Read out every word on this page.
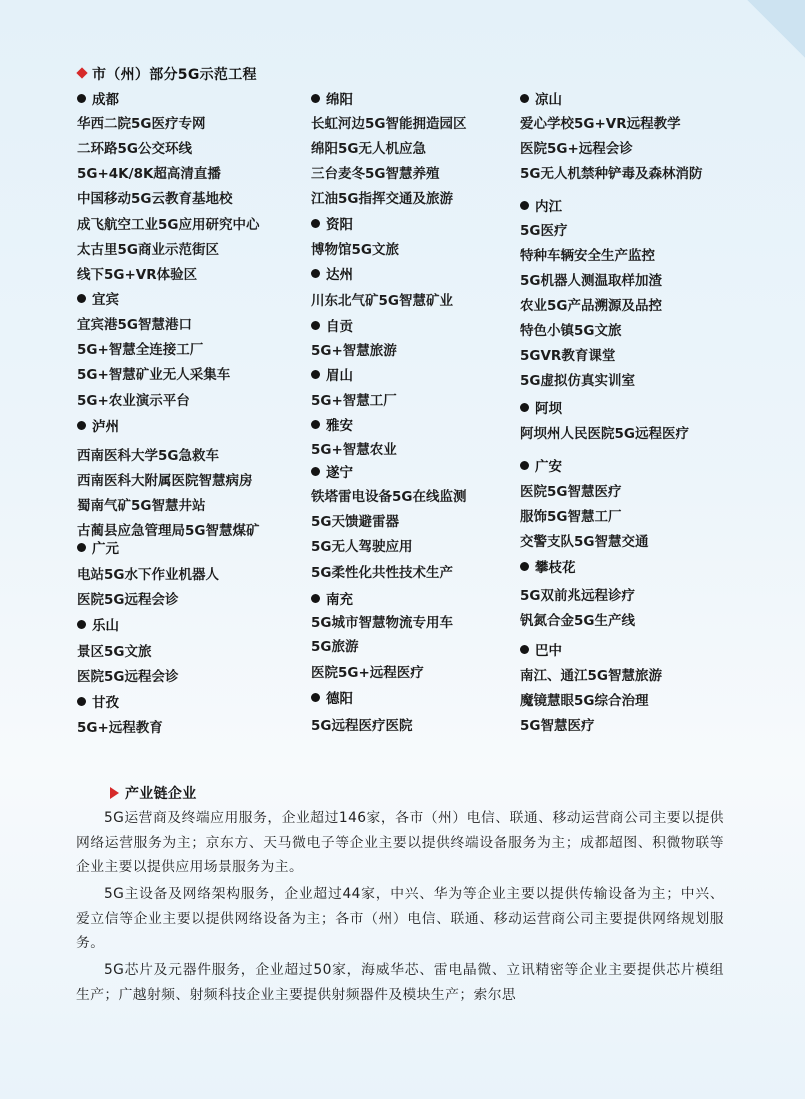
市（州）部分5G示范工程
成都
华西二院5G医疗专网
二环路5G公交环线
5G+4K/8K超高清直播
中国移动5G云教育基地校
成飞航空工业5G应用研究中心
太古里5G商业示范街区
线下5G+VR体验区
宜宾
宜宾港5G智慧港口
5G+智慧全连接工厂
5G+智慧矿业无人采集车
5G+农业演示平台
泸州
西南医科大学5G急救车
西南医科大附属医院智慧病房
蜀南气矿5G智慧井站
古蔺县应急管理局5G智慧煤矿
广元
电站5G水下作业机器人
医院5G远程会诊
乐山
景区5G文旅
医院5G远程会诊
甘孜
5G+远程教育
绵阳
长虹河边5G智能拥造园区
绵阳5G无人机应急
三台麦冬5G智慧养殖
江油5G指挥交通及旅游
资阳
博物馆5G文旅
达州
川东北气矿5G智慧矿业
自贡
5G+智慧旅游
眉山
5G+智慧工厂
雅安
5G+智慧农业
遂宁
铁塔雷电设备5G在线监测
5G天馈避雷器
5G无人驾驶应用
5G柔性化共性技术生产
南充
5G城市智慧物流专用车
5G旅游
医院5G+远程医疗
德阳
5G远程医疗医院
凉山
爱心学校5G+VR远程教学
医院5G+远程会诊
5G无人机禁种铲毒及森林消防
内江
5G医疗
特种车辆安全生产监控
5G机器人测温取样加渣
农业5G产品溯源及品控
特色小镇5G文旅
5GVR教育课堂
5G虚拟仿真实训室
阿坝
阿坝州人民医院5G远程医疗
广安
医院5G智慧医疗
服饰5G智慧工厂
交警支队5G智慧交通
攀枝花
5G双前兆远程诊疗
钒氮合金5G生产线
巴中
南江、通江5G智慧旅游
魔镜慧眼5G综合治理
5G智慧医疗
产业链企业
5G运营商及终端应用服务，企业超过146家，各市（州）电信、联通、移动运营商公司主要以提供网络运营服务为主；京东方、天马微电子等企业主要以提供终端设备服务为主；成都超图、积微物联等企业主要以提供应用场景服务为主。
5G主设备及网络架构服务，企业超过44家，中兴、华为等企业主要以提供传输设备为主；中兴、爱立信等企业主要以提供网络设备为主；各市（州）电信、联通、移动运营商公司主要提供网络规划服务。
5G芯片及元器件服务，企业超过50家，海威华芯、雷电晶微、立讯精密等企业主要提供芯片模组生产；广越射频、射频科技企业主要提供射频器件及模块生产；索尔思
